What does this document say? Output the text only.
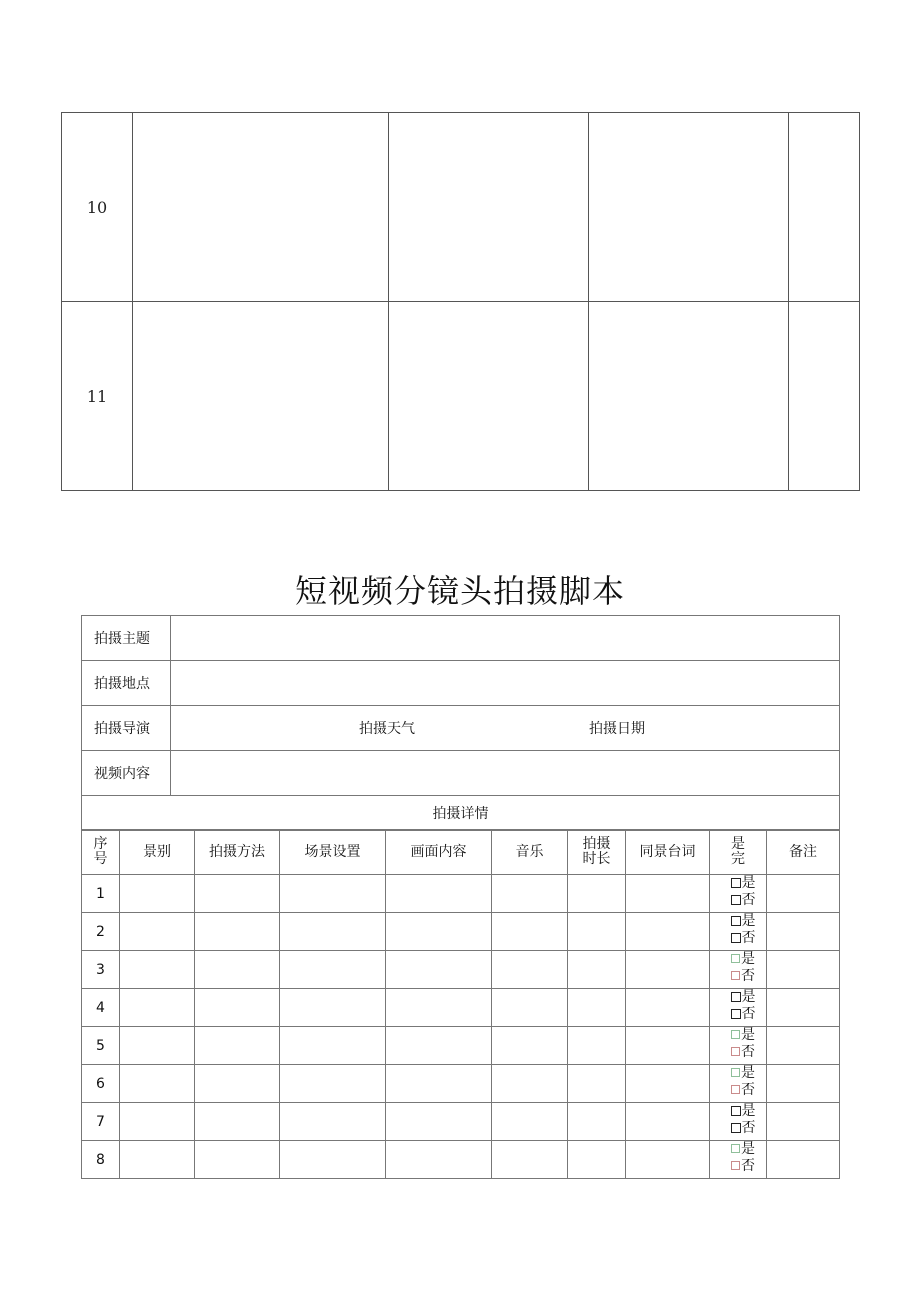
10				
11				
短视频分镜头拍摄脚本
拍摄主题	
拍摄地点	
拍摄导演	拍摄天气 拍摄日期

视频内容	
拍摄详情	
序号	景别	拍摄方法	场景设置	画面内容	音乐	拍摄时长	同景台词	是完	备注
1								是
否	

2								是
否	

3								是
否	

4								是
否	

5								是
否	

6								是
否	

7								是
否	

8								是
否	
